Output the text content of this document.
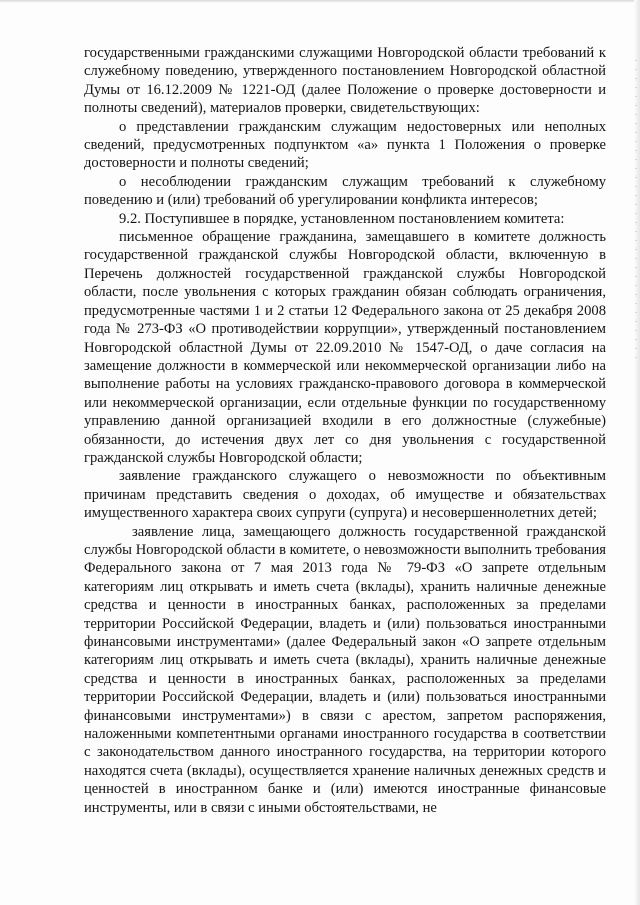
государственными гражданскими служащими Новгородской области требований к служебному поведению, утвержденного постановлением Новгородской областной Думы от 16.12.2009 № 1221-ОД (далее Положение о проверке достоверности и полноты сведений), материалов проверки, свидетельствующих:

о представлении гражданским служащим недостоверных или неполных сведений, предусмотренных подпунктом «а» пункта 1 Положения о проверке достоверности и полноты сведений;

о несоблюдении гражданским служащим требований к служебному поведению и (или) требований об урегулировании конфликта интересов;

9.2. Поступившее в порядке, установленном постановлением комитета:

письменное обращение гражданина, замещавшего в комитете должность государственной гражданской службы Новгородской области, включенную в Перечень должностей государственной гражданской службы Новгородской области, после увольнения с которых гражданин обязан соблюдать ограничения, предусмотренные частями 1 и 2 статьи 12 Федерального закона от 25 декабря 2008 года № 273-ФЗ «О противодействии коррупции», утвержденный постановлением Новгородской областной Думы от 22.09.2010 № 1547-ОД, о даче согласия на замещение должности в коммерческой или некоммерческой организации либо на выполнение работы на условиях гражданско-правового договора в коммерческой или некоммерческой организации, если отдельные функции по государственному управлению данной организацией входили в его должностные (служебные) обязанности, до истечения двух лет со дня увольнения с государственной гражданской службы Новгородской области;

заявление гражданского служащего о невозможности по объективным причинам представить сведения о доходах, об имуществе и обязательствах имущественного характера своих супруги (супруга) и несовершеннолетних детей;

заявление лица, замещающего должность государственной гражданской службы Новгородской области в комитете, о невозможности выполнить требования Федерального закона от 7 мая 2013 года № 79-ФЗ «О запрете отдельным категориям лиц открывать и иметь счета (вклады), хранить наличные денежные средства и ценности в иностранных банках, расположенных за пределами территории Российской Федерации, владеть и (или) пользоваться иностранными финансовыми инструментами» (далее Федеральный закон «О запрете отдельным категориям лиц открывать и иметь счета (вклады), хранить наличные денежные средства и ценности в иностранных банках, расположенных за пределами территории Российской Федерации, владеть и (или) пользоваться иностранными финансовыми инструментами») в связи с арестом, запретом распоряжения, наложенными компетентными органами иностранного государства в соответствии с законодательством данного иностранного государства, на территории которого находятся счета (вклады), осуществляется хранение наличных денежных средств и ценностей в иностранном банке и (или) имеются иностранные финансовые инструменты, или в связи с иными обстоятельствами, не
